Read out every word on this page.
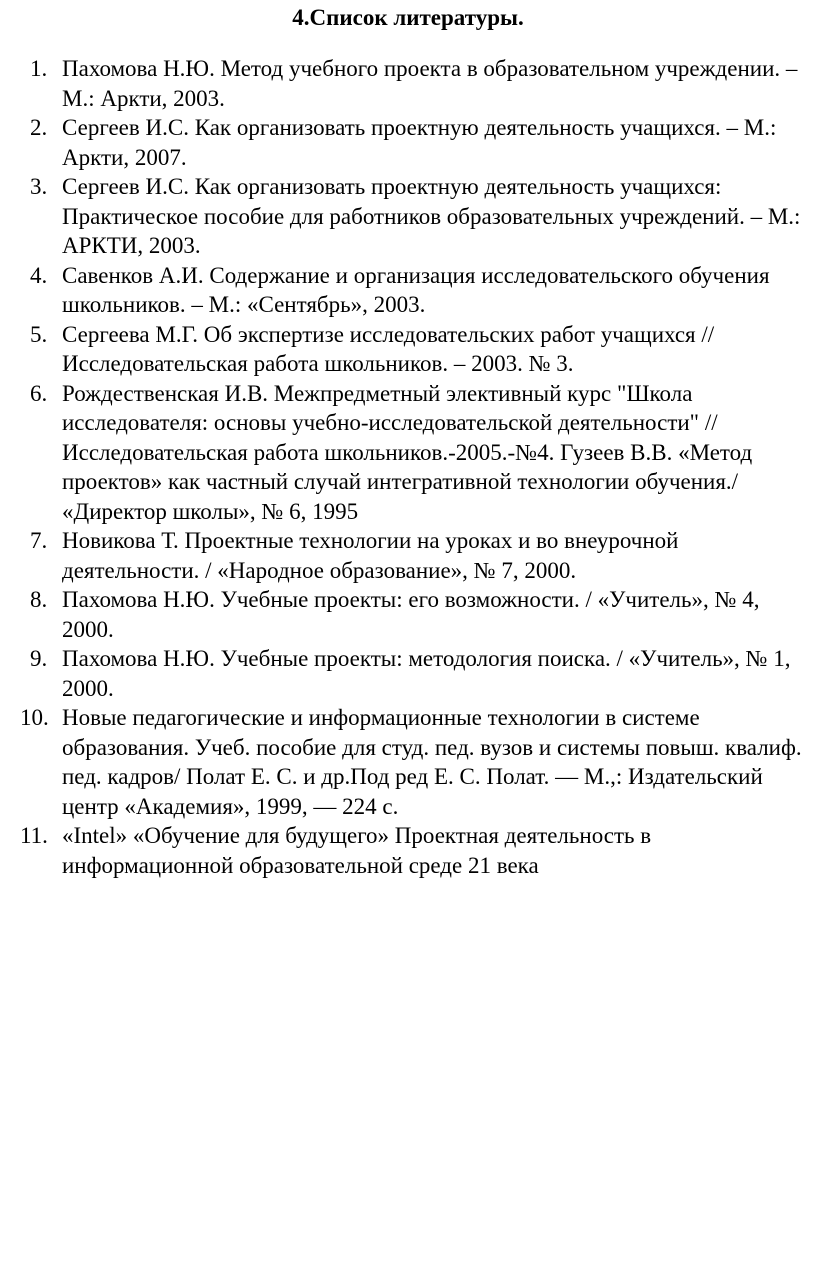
4.Список литературы.
1. Пахомова Н.Ю. Метод учебного проекта в образовательном учреждении. – М.: Аркти, 2003.
2. Сергеев И.С. Как организовать проектную деятельность учащихся. – М.: Аркти, 2007.
3. Сергеев И.С. Как организовать проектную деятельность учащихся: Практическое пособие для работников образовательных учреждений. – М.: АРКТИ, 2003.
4. Савенков А.И. Содержание и организация исследовательского обучения школьников. – М.: «Сентябрь», 2003.
5. Сергеева М.Г. Об экспертизе исследовательских работ учащихся // Исследовательская работа школьников. – 2003. № 3.
6. Рождественская И.В. Межпредметный элективный курс "Школа исследователя: основы учебно-исследовательской деятельности" //Исследовательская работа школьников.-2005.-№4. Гузеев В.В. «Метод проектов» как частный случай интегративной технологии обучения./ «Директор школы», № 6, 1995
7. Новикова Т. Проектные технологии на уроках и во внеурочной деятельности. / «Народное образование», № 7, 2000.
8. Пахомова Н.Ю. Учебные проекты: его возможности. / «Учитель», № 4, 2000.
9. Пахомова Н.Ю. Учебные проекты: методология поиска. / «Учитель», № 1, 2000.
10. Новые педагогические и информационные технологии в системе образования. Учеб. пособие для студ. пед. вузов и системы повыш. квалиф. пед. кадров/ Полат Е. С. и др.Под ред Е. С. Полат. — М.,: Издательский центр «Академия», 1999, — 224 с.
11. «Intel» «Обучение для будущего» Проектная деятельность в информационной образовательной среде 21 века
